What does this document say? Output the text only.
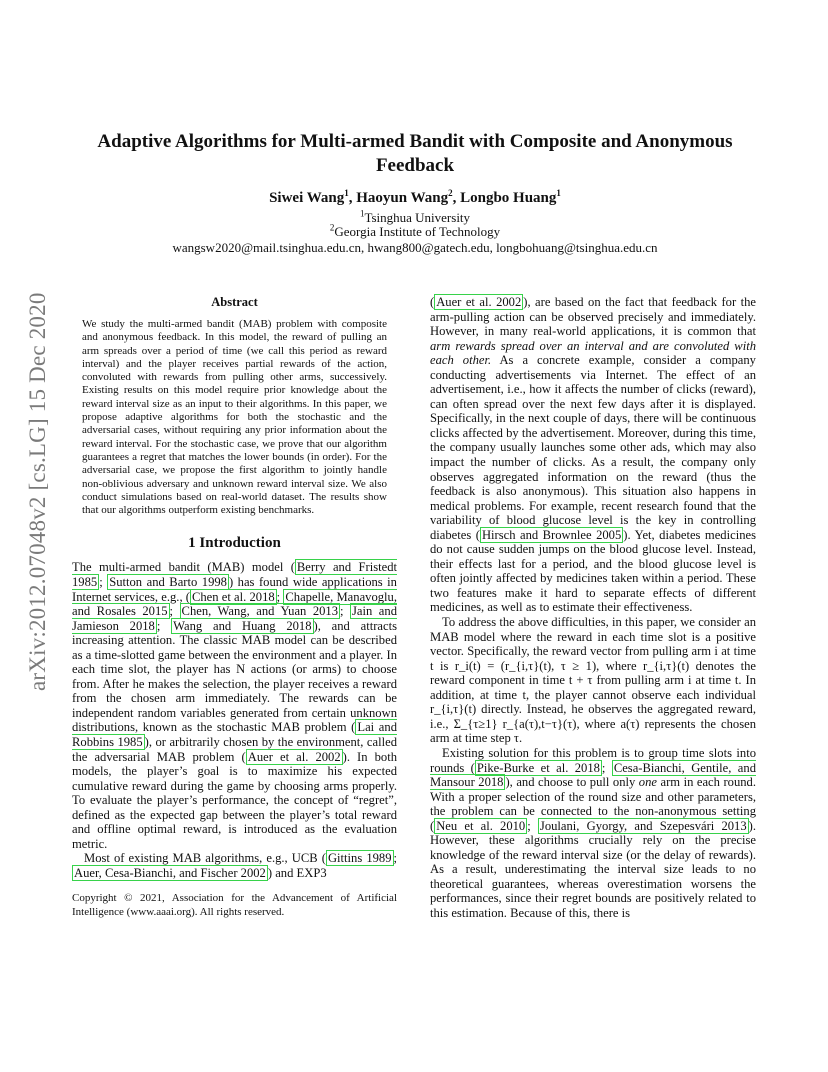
arXiv:2012.07048v2 [cs.LG] 15 Dec 2020
Adaptive Algorithms for Multi-armed Bandit with Composite and Anonymous Feedback
Siwei Wang$^1$, Haoyun Wang$^2$, Longbo Huang$^1$
$^1$Tsinghua University
$^2$Georgia Institute of Technology
wangsw2020@mail.tsinghua.edu.cn, hwang800@gatech.edu, longbohuang@tsinghua.edu.cn
Abstract

We study the multi-armed bandit (MAB) problem with composite and anonymous feedback. In this model, the reward of pulling an arm spreads over a period of time (we call this period as reward interval) and the player receives partial rewards of the action, convoluted with rewards from pulling other arms, successively. Existing results on this model require prior knowledge about the reward interval size as an input to their algorithms. In this paper, we propose adaptive algorithms for both the stochastic and the adversarial cases, without requiring any prior information about the reward interval. For the stochastic case, we prove that our algorithm guarantees a regret that matches the lower bounds (in order). For the adversarial case, we propose the first algorithm to jointly handle non-oblivious adversary and unknown reward interval size. We also conduct simulations based on real-world dataset. The results show that our algorithms outperform existing benchmarks.

1 Introduction

The multi-armed bandit (MAB) model ( Berry and Fristedt 1985 ; Sutton and Barto 1998 ) has found wide applications in Internet services, e.g., ( Chen et al. 2018 ; Chapelle, Manavoglu, and Rosales 2015 ; Chen, Wang, and Yuan 2013 ; Jain and Jamieson 2018 ; Wang and Huang 2018 ), and attracts increasing attention. The classic MAB model can be described as a time-slotted game between the environment and a player. In each time slot, the player has N actions (or arms) to choose from. After he makes the selection, the player receives a reward from the chosen arm immediately. The rewards can be independent random variables generated from certain unknown distributions, known as the stochastic MAB problem ( Lai and Robbins 1985 ), or arbitrarily chosen by the environment, called the adversarial MAB problem ( Auer et al. 2002 ). In both models, the player’s goal is to maximize his expected cumulative reward during the game by choosing arms properly. To evaluate the player’s performance, the concept of “regret”, defined as the expected gap between the player’s total reward and offline optimal reward, is introduced as the evaluation metric.

Most of existing MAB algorithms, e.g., UCB ( Gittins 1989 ; Auer, Cesa-Bianchi, and Fischer 2002 ) and EXP3

Copyright © 2021, Association for the Advancement of Artificial Intelligence (www.aaai.org). All rights reserved.

( Auer et al. 2002 ), are based on the fact that feedback for the arm-pulling action can be observed precisely and immediately. However, in many real-world applications, it is common that arm rewards spread over an interval and are convoluted with each other. As a concrete example, consider a company conducting advertisements via Internet. The effect of an advertisement, i.e., how it affects the number of clicks (reward), can often spread over the next few days after it is displayed. Specifically, in the next couple of days, there will be continuous clicks affected by the advertisement. Moreover, during this time, the company usually launches some other ads, which may also impact the number of clicks. As a result, the company only observes aggregated information on the reward (thus the feedback is also anonymous). This situation also happens in medical problems. For example, recent research found that the variability of blood glucose level is the key in controlling diabetes ( Hirsch and Brownlee 2005 ). Yet, diabetes medicines do not cause sudden jumps on the blood glucose level. Instead, their effects last for a period, and the blood glucose level is often jointly affected by medicines taken within a period. These two features make it hard to separate effects of different medicines, as well as to estimate their effectiveness.

To address the above difficulties, in this paper, we consider an MAB model where the reward in each time slot is a positive vector. Specifically, the reward vector from pulling arm i at time t is r_i(t) = (r_{i,τ}(t), τ ≥ 1), where r_{i,τ}(t) denotes the reward component in time t + τ from pulling arm i at time t. In addition, at time t, the player cannot observe each individual r_{i,τ}(t) directly. Instead, he observes the aggregated reward, i.e., Σ_{τ≥1} r_{a(τ),t−τ}(τ), where a(τ) represents the chosen arm at time step τ.

Existing solution for this problem is to group time slots into rounds ( Pike-Burke et al. 2018 ; Cesa-Bianchi, Gentile, and Mansour 2018 ), and choose to pull only one arm in each round. With a proper selection of the round size and other parameters, the problem can be connected to the non-anonymous setting ( Neu et al. 2010 ; Joulani, Gyorgy, and Szepesvári 2013 ). However, these algorithms crucially rely on the precise knowledge of the reward interval size (or the delay of rewards). As a result, underestimating the interval size leads to no theoretical guarantees, whereas overestimation worsens the performances, since their regret bounds are positively related to this estimation. Because of this, there is
